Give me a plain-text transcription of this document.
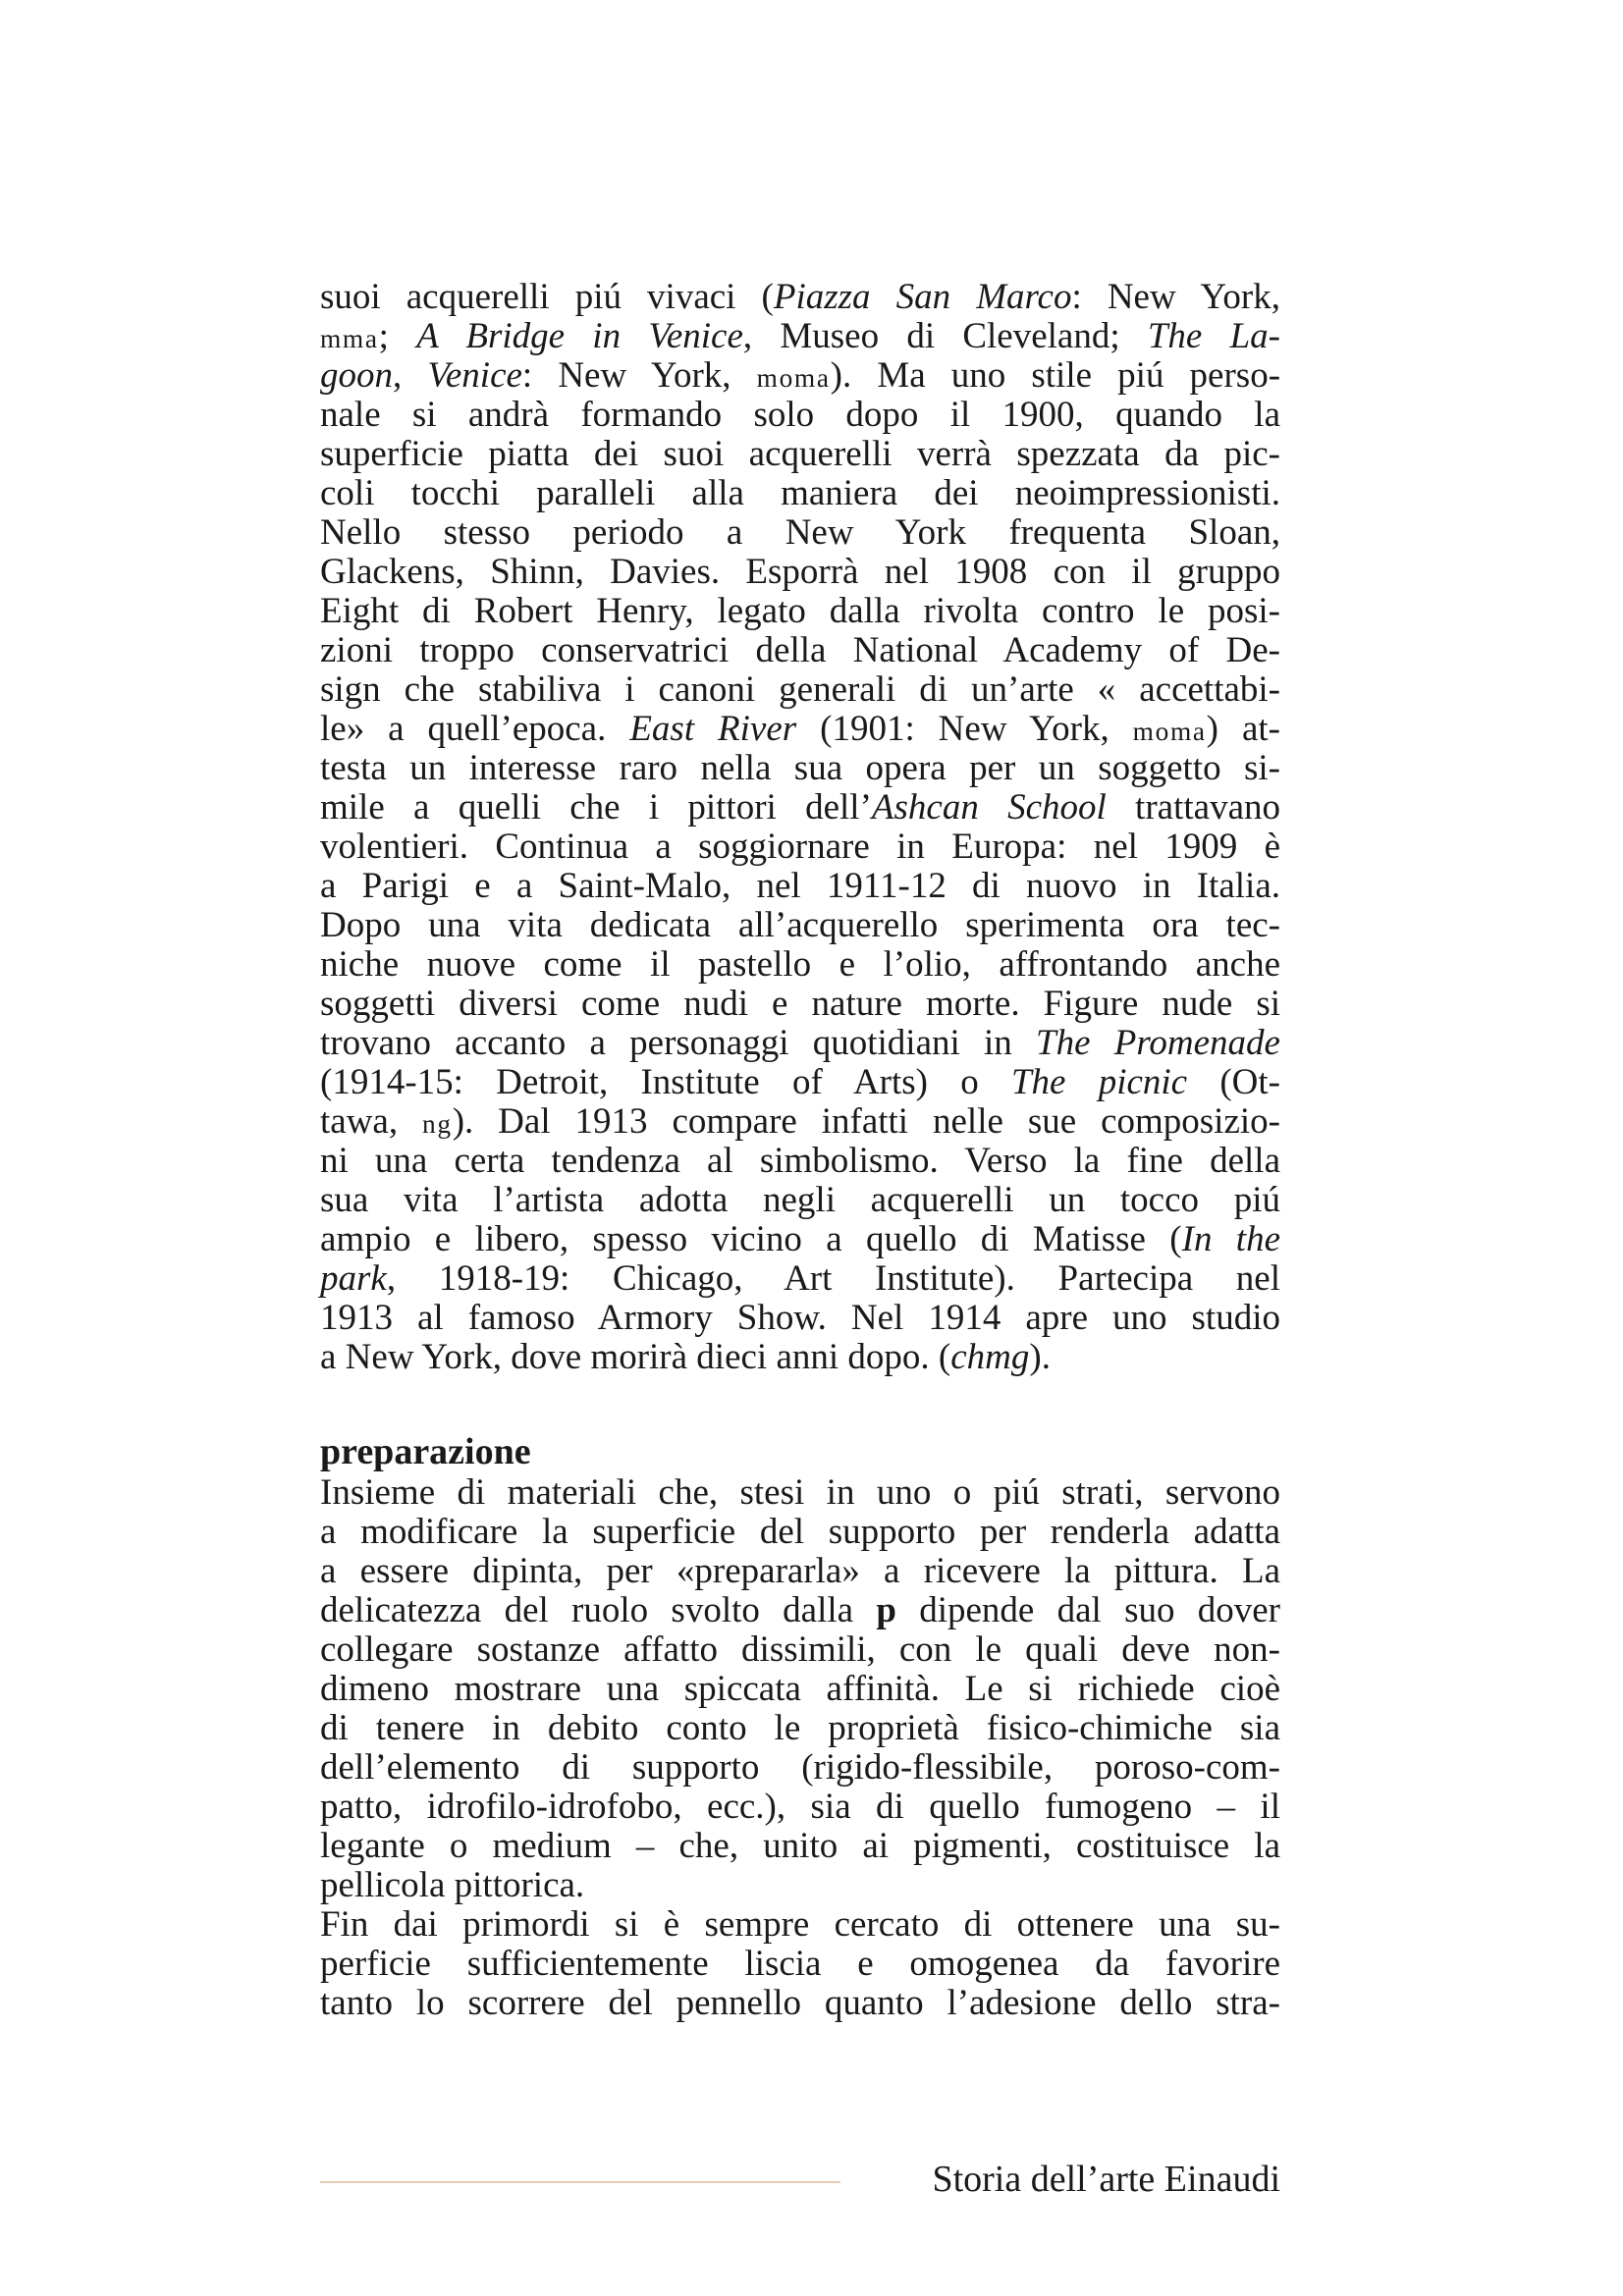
suoi acquerelli piú vivaci (Piazza San Marco: New York,
mma; A Bridge in Venice, Museo di Cleveland; The La-
goon, Venice: New York, moma). Ma uno stile piú perso-
nale si andrà formando solo dopo il 1900, quando la
superficie piatta dei suoi acquerelli verrà spezzata da pic-
coli tocchi paralleli alla maniera dei neoimpressionisti.
Nello stesso periodo a New York frequenta Sloan,
Glackens, Shinn, Davies. Esporrà nel 1908 con il gruppo
Eight di Robert Henry, legato dalla rivolta contro le posi-
zioni troppo conservatrici della National Academy of De-
sign che stabiliva i canoni generali di un’arte « accettabi-
le» a quell’epoca. East River (1901: New York, moma) at-
testa un interesse raro nella sua opera per un soggetto si-
mile a quelli che i pittori dell’Ashcan School trattavano
volentieri. Continua a soggiornare in Europa: nel 1909 è
a Parigi e a Saint-Malo, nel 1911-12 di nuovo in Italia.
Dopo una vita dedicata all’acquerello sperimenta ora tec-
niche nuove come il pastello e l’olio, affrontando anche
soggetti diversi come nudi e nature morte. Figure nude si
trovano accanto a personaggi quotidiani in The Promenade
(1914-15: Detroit, Institute of Arts) o The picnic (Ot-
tawa, ng). Dal 1913 compare infatti nelle sue composizio-
ni una certa tendenza al simbolismo. Verso la fine della
sua vita l’artista adotta negli acquerelli un tocco piú
ampio e libero, spesso vicino a quello di Matisse (In the
park, 1918-19: Chicago, Art Institute). Partecipa nel
1913 al famoso Armory Show. Nel 1914 apre uno studio
a New York, dove morirà dieci anni dopo. (chmg).
preparazione
Insieme di materiali che, stesi in uno o piú strati, servono
a modificare la superficie del supporto per renderla adatta
a essere dipinta, per «prepararla» a ricevere la pittura. La
delicatezza del ruolo svolto dalla p dipende dal suo dover
collegare sostanze affatto dissimili, con le quali deve non-
dimeno mostrare una spiccata affinità. Le si richiede cioè
di tenere in debito conto le proprietà fisico-chimiche sia
dell’elemento di supporto (rigido-flessibile, poroso-com-
patto, idrofilo-idrofobo, ecc.), sia di quello fumogeno – il
legante o medium – che, unito ai pigmenti, costituisce la
pellicola pittorica.
Fin dai primordi si è sempre cercato di ottenere una su-
perficie sufficientemente liscia e omogenea da favorire
tanto lo scorrere del pennello quanto l’adesione dello stra-
Storia dell’arte Einaudi
